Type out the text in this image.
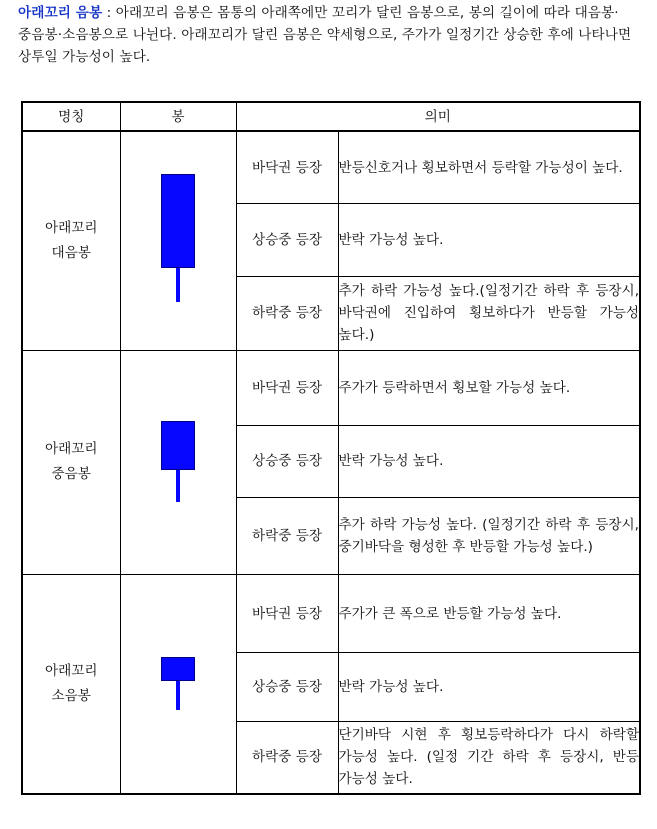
아래꼬리 음봉 : 아래꼬리 음봉은 몸통의 아래쪽에만 꼬리가 달린 음봉으로, 봉의 길이에 따라 대음봉·중음봉·소음봉으로 나뉜다. 아래꼬리가 달린 음봉은 약세형으로, 주가가 일정기간 상승한 후에 나타나면 상투일 가능성이 높다.
명칭	봉	의미	
아래꼬리
대음봉		바닥권 등장	반등신호거나 횡보하면서 등락할 가능성이 높다.
		상승중 등장	반락 가능성 높다.
		하락중 등장	추가 하락 가능성 높다.(일정기간 하락 후 등장시, 바닥권에 진입하여 횡보하다가 반등할 가능성 높다.)
아래꼬리
중음봉		바닥권 등장	주가가 등락하면서 횡보할 가능성 높다.
		상승중 등장	반락 가능성 높다.
		하락중 등장	추가 하락 가능성 높다. (일정기간 하락 후 등장시, 중기바닥을 형성한 후 반등할 가능성 높다.)
아래꼬리
소음봉		바닥권 등장	주가가 큰 폭으로 반등할 가능성 높다.
		상승중 등장	반락 가능성 높다.
		하락중 등장	단기바닥 시현 후 횡보등락하다가 다시 하락할 가능성 높다. (일정 기간 하락 후 등장시, 반등 가능성 높다.
